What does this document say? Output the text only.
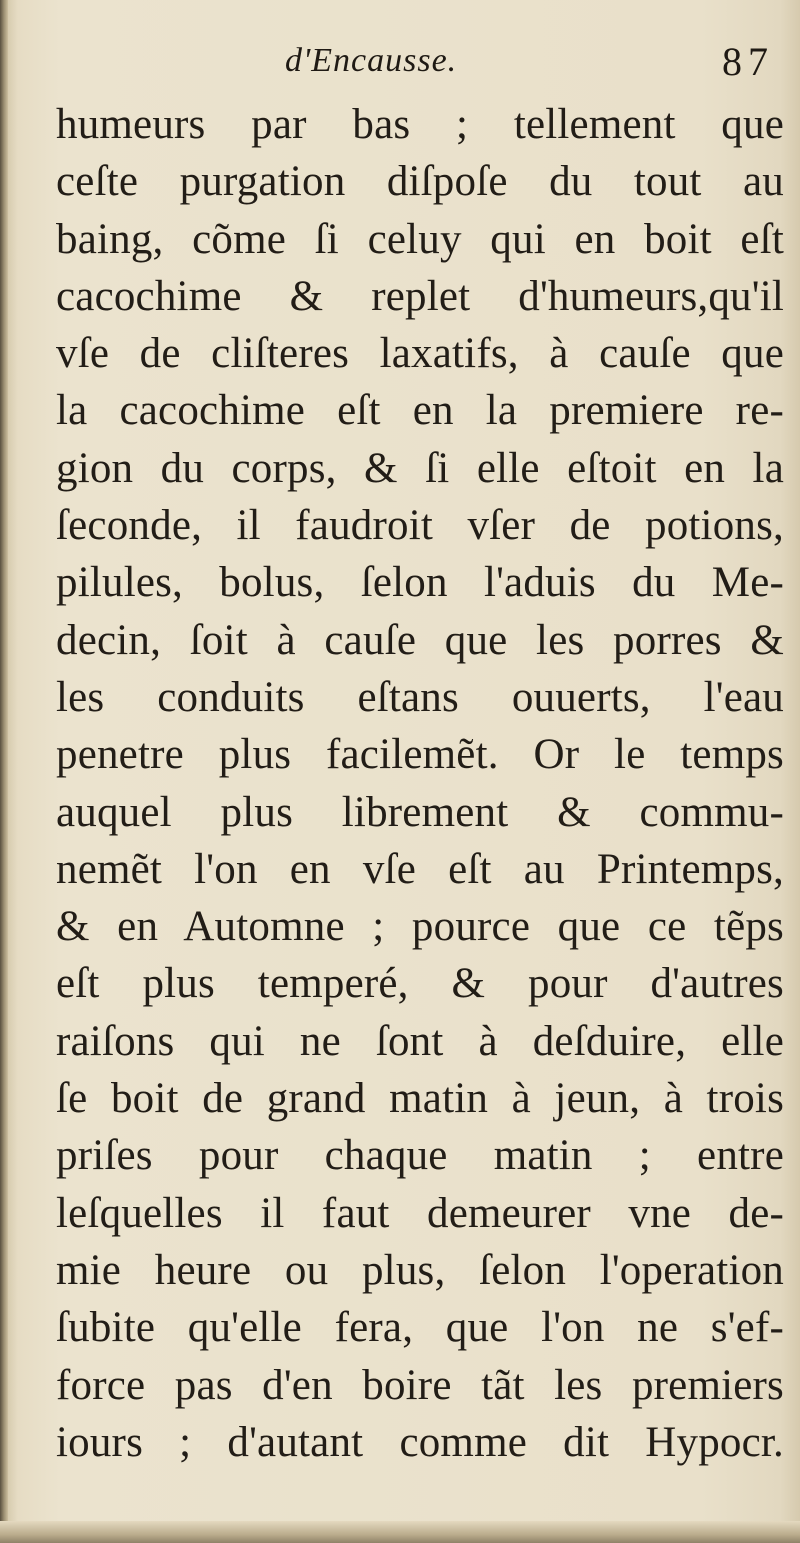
d'Encausse.	87
humeurs par bas ; tellement que
ceſte purgation diſpoſe du tout au
baing, cõme ſi celuy qui en boit eſt
cacochime & replet d'humeurs,qu'il
vſe de cliſteres laxatifs, à cauſe que
la cacochime eſt en la premiere re-
gion du corps, & ſi elle eſtoit en la
ſeconde, il faudroit vſer de potions,
pilules, bolus, ſelon l'aduis du Me-
decin, ſoit à cauſe que les porres &
les conduits eſtans ouuerts, l'eau
penetre plus facilemẽt. Or le temps
auquel plus librement & commu-
nemẽt l'on en vſe eſt au Printemps,
& en Automne ; pource que ce tẽps
eſt plus temperé, & pour d'autres
raiſons qui ne ſont à deſduire, elle
ſe boit de grand matin à jeun, à trois
priſes pour chaque matin ; entre
leſquelles il faut demeurer vne de-
mie heure ou plus, ſelon l'operation
ſubite qu'elle fera, que l'on ne s'ef-
force pas d'en boire tãt les premiers
iours ; d'autant comme dit Hypocr.
